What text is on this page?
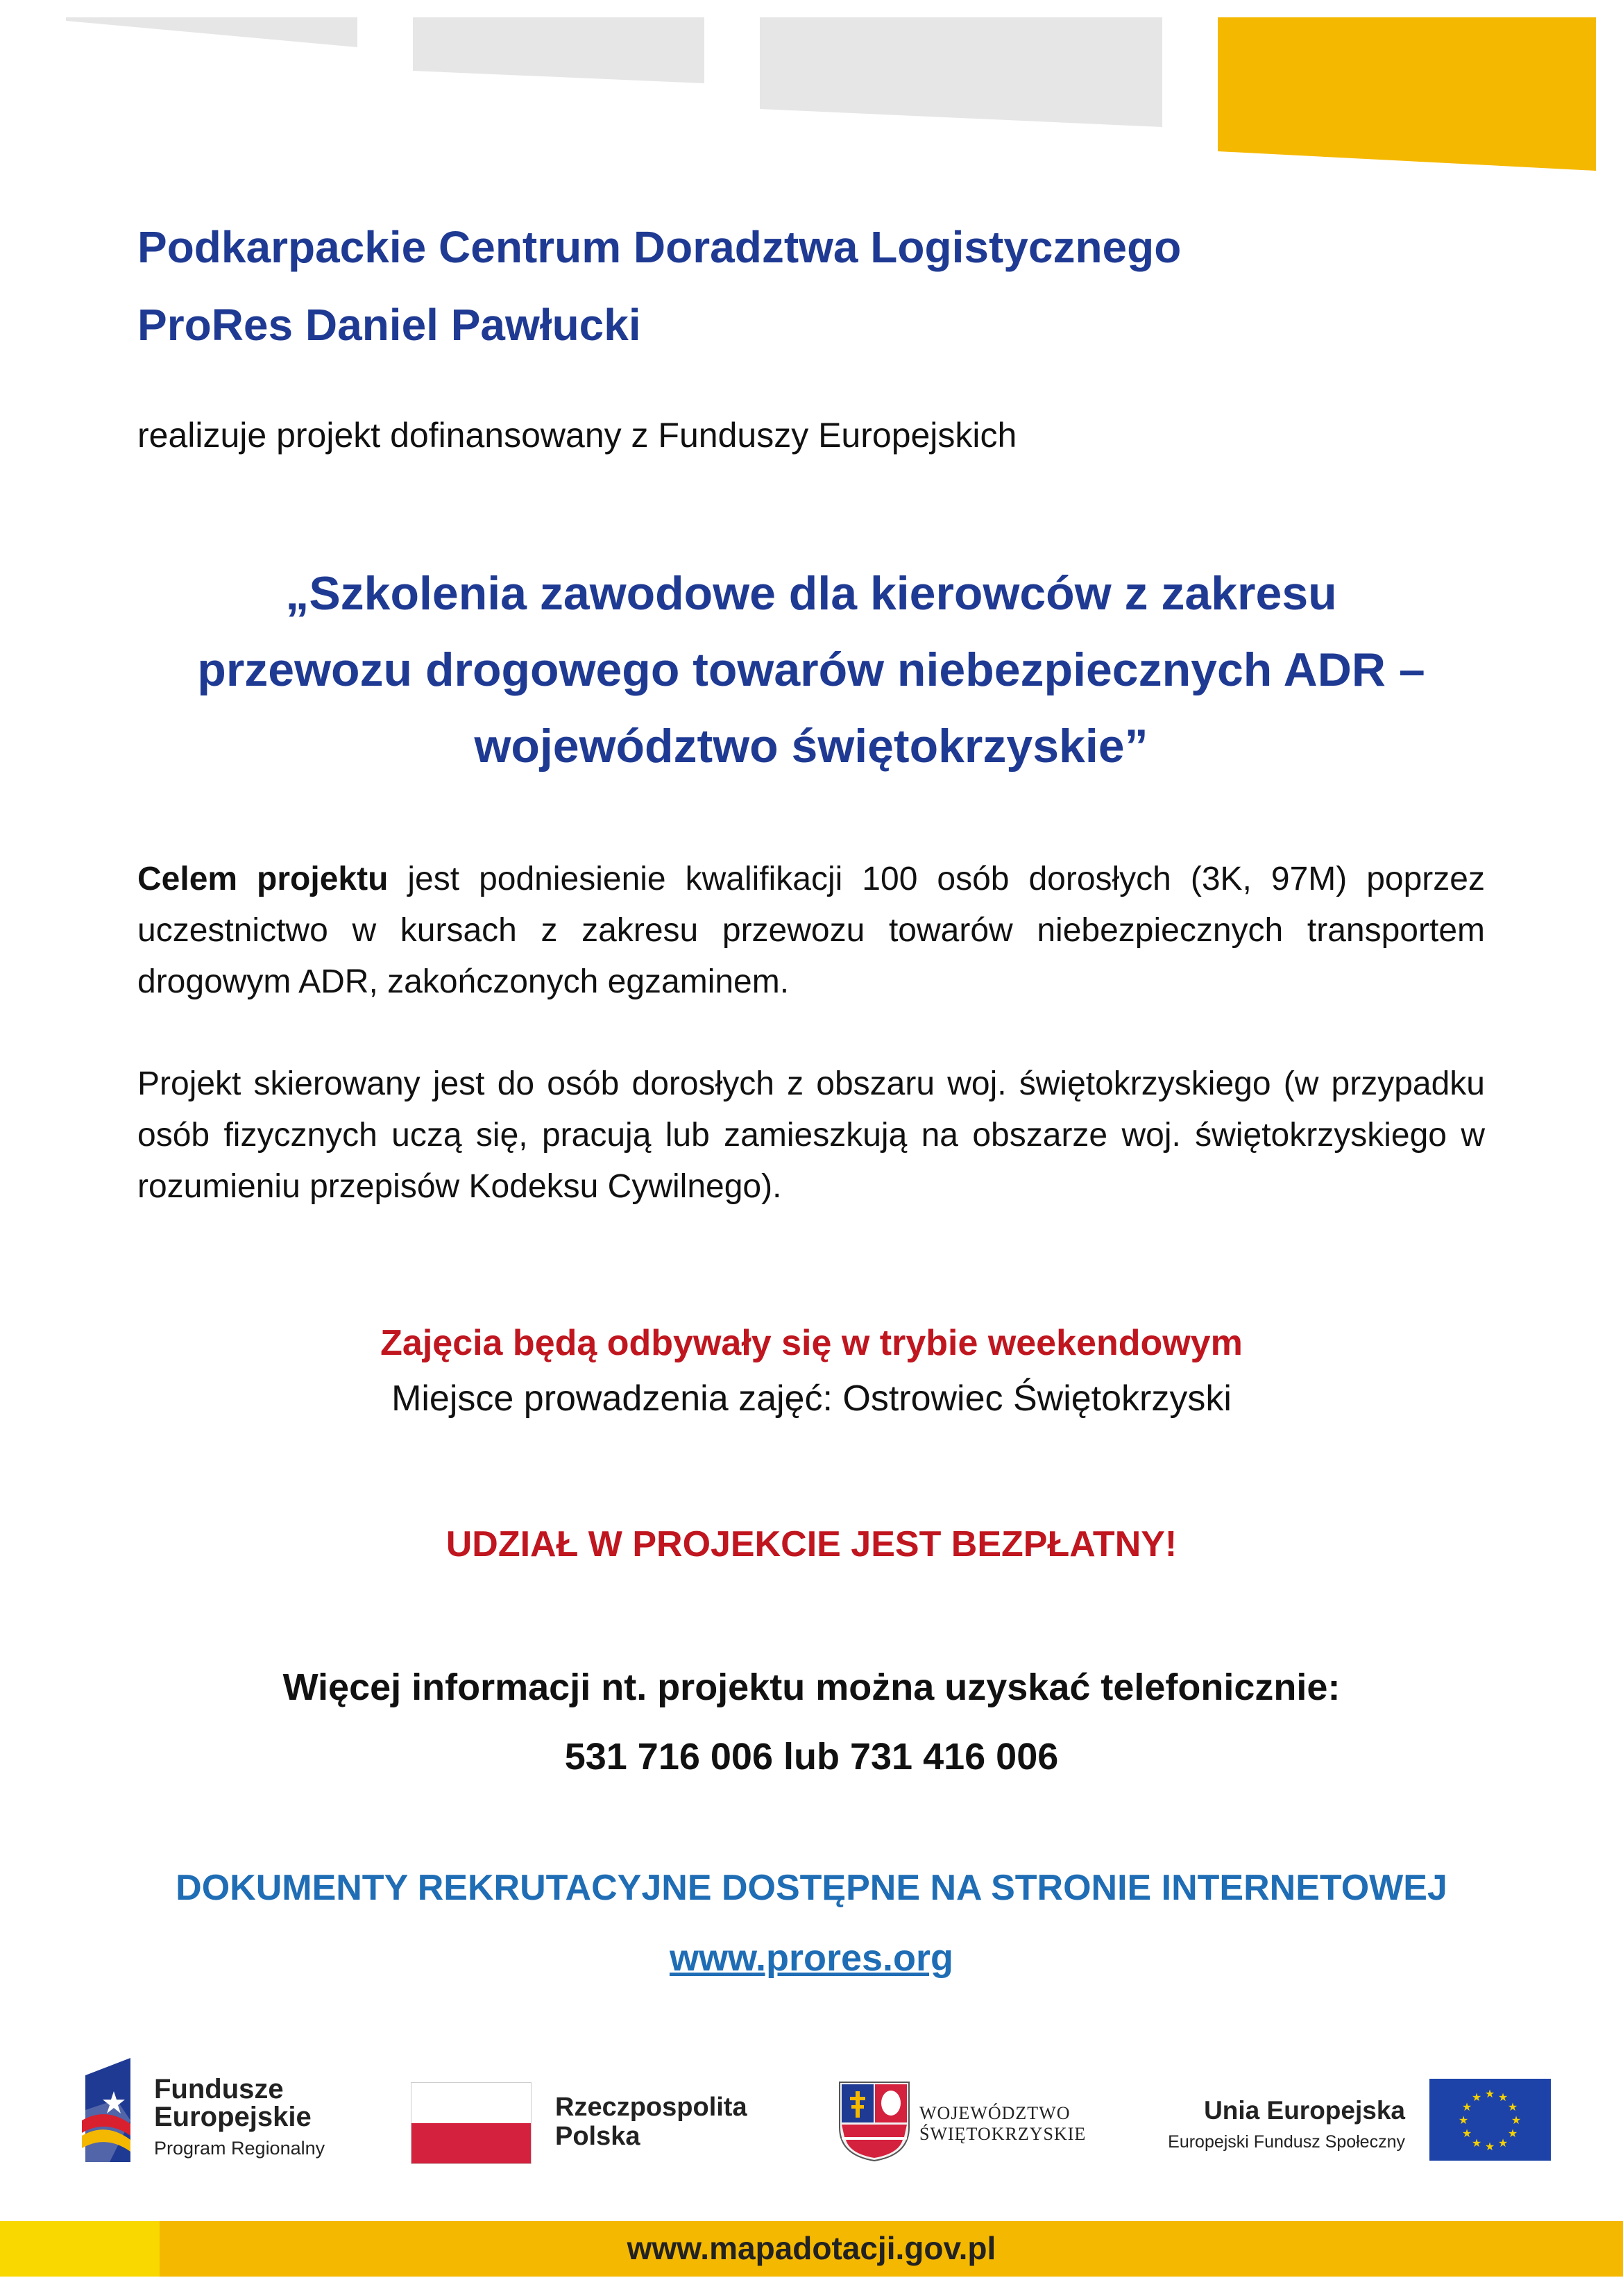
Podkarpackie Centrum Doradztwa Logistycznego
ProRes Daniel Pawłucki
realizuje projekt dofinansowany z Funduszy Europejskich
„Szkolenia zawodowe dla kierowców z zakresu
przewozu drogowego towarów niebezpiecznych ADR –
województwo świętokrzyskie”
Celem projektu jest podniesienie kwalifikacji 100 osób dorosłych (3K, 97M) poprzez uczestnictwo w kursach z zakresu przewozu towarów niebezpiecznych transportem drogowym ADR, zakończonych egzaminem.
Projekt skierowany jest do osób dorosłych z obszaru woj. świętokrzyskiego (w przypadku osób fizycznych uczą się, pracują lub zamieszkują na obszarze woj. świętokrzyskiego w rozumieniu przepisów Kodeksu Cywilnego).
Zajęcia będą odbywały się w trybie weekendowym
Miejsce prowadzenia zajęć: Ostrowiec Świętokrzyski
UDZIAŁ W PROJEKCIE JEST BEZPŁATNY!
Więcej informacji nt. projektu można uzyskać telefonicznie:
531 716 006 lub 731 416 006
DOKUMENTY REKRUTACYJNE DOSTĘPNE NA STRONIE INTERNETOWEJ
www.prores.org
Fundusze
Europejskie
Program Regionalny
Rzeczpospolita
Polska
WOJEWÓDZTWO
ŚWIĘTOKRZYSKIE
Unia Europejska
Europejski Fundusz Społeczny
★ ★
★
★
★
★
★
★
★
★
★
★
www.mapadotacji.gov.pl
